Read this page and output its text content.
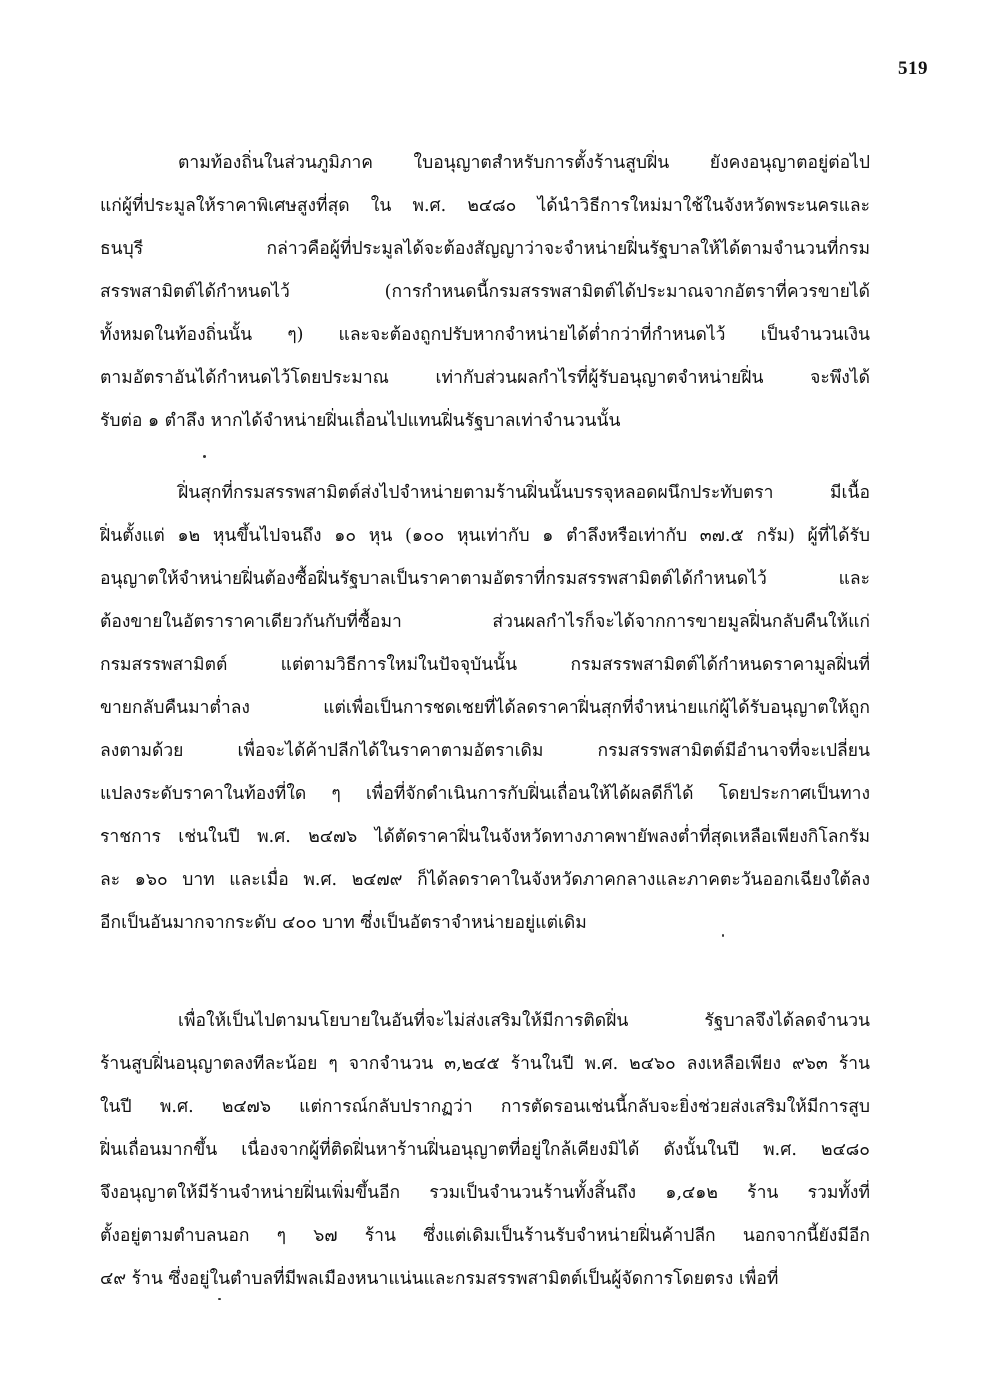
519
ตามท้องถิ่นในส่วนภูมิภาค ใบอนุญาตสำหรับการตั้งร้านสูบฝิ่น ยังคงอนุญาตอยู่ต่อไป
แก่ผู้ที่ประมูลให้ราคาพิเศษสูงที่สุด ใน พ.ศ. ๒๔๘๐ ได้นำวิธีการใหม่มาใช้ในจังหวัดพระนครและ
ธนบุรี กล่าวคือผู้ที่ประมูลได้จะต้องสัญญาว่าจะจำหน่ายฝิ่นรัฐบาลให้ได้ตามจำนวนที่กรม
สรรพสามิตต์ได้กำหนดไว้ (การกำหนดนี้กรมสรรพสามิตต์ได้ประมาณจากอัตราที่ควรขายได้
ทั้งหมดในท้องถิ่นนั้น ๆ) และจะต้องถูกปรับหากจำหน่ายได้ต่ำกว่าที่กำหนดไว้ เป็นจำนวนเงิน
ตามอัตราอันได้กำหนดไว้โดยประมาณ เท่ากับส่วนผลกำไรที่ผู้รับอนุญาตจำหน่ายฝิ่น จะพึงได้
รับต่อ ๑ ตำลึง หากได้จำหน่ายฝิ่นเถื่อนไปแทนฝิ่นรัฐบาลเท่าจำนวนนั้น
ฝิ่นสุกที่กรมสรรพสามิตต์ส่งไปจำหน่ายตามร้านฝิ่นนั้นบรรจุหลอดผนึกประทับตรา มีเนื้อ
ฝิ่นตั้งแต่ ๑๒ หุนขึ้นไปจนถึง ๑๐ หุน (๑๐๐ หุนเท่ากับ ๑ ตำลึงหรือเท่ากับ ๓๗.๕ กรัม) ผู้ที่ได้รับ
อนุญาตให้จำหน่ายฝิ่นต้องซื้อฝิ่นรัฐบาลเป็นราคาตามอัตราที่กรมสรรพสามิตต์ได้กำหนดไว้ และ
ต้องขายในอัตราราคาเดียวกันกับที่ซื้อมา ส่วนผลกำไรก็จะได้จากการขายมูลฝิ่นกลับคืนให้แก่
กรมสรรพสามิตต์ แต่ตามวิธีการใหม่ในปัจจุบันนั้น กรมสรรพสามิตต์ได้กำหนดราคามูลฝิ่นที่
ขายกลับคืนมาต่ำลง แต่เพื่อเป็นการชดเชยที่ได้ลดราคาฝิ่นสุกที่จำหน่ายแก่ผู้ได้รับอนุญาตให้ถูก
ลงตามด้วย เพื่อจะได้ค้าปลีกได้ในราคาตามอัตราเดิม กรมสรรพสามิตต์มีอำนาจที่จะเปลี่ยน
แปลงระดับราคาในท้องที่ใด ๆ เพื่อที่จักดำเนินการกับฝิ่นเถื่อนให้ได้ผลดีก็ได้ โดยประกาศเป็นทาง
ราชการ เช่นในปี พ.ศ. ๒๔๗๖ ได้ตัดราคาฝิ่นในจังหวัดทางภาคพายัพลงต่ำที่สุดเหลือเพียงกิโลกรัม
ละ ๑๖๐ บาท และเมื่อ พ.ศ. ๒๔๗๙ ก็ได้ลดราคาในจังหวัดภาคกลางและภาคตะวันออกเฉียงใต้ลง
อีกเป็นอันมากจากระดับ ๔๐๐ บาท ซึ่งเป็นอัตราจำหน่ายอยู่แต่เดิม
เพื่อให้เป็นไปตามนโยบายในอันที่จะไม่ส่งเสริมให้มีการติดฝิ่น รัฐบาลจึงได้ลดจำนวน
ร้านสูบฝิ่นอนุญาตลงทีละน้อย ๆ จากจำนวน ๓,๒๔๕ ร้านในปี พ.ศ. ๒๔๖๐ ลงเหลือเพียง ๙๖๓ ร้าน
ในปี พ.ศ. ๒๔๗๖ แต่การณ์กลับปรากฏว่า การตัดรอนเช่นนี้กลับจะยิ่งช่วยส่งเสริมให้มีการสูบ
ฝิ่นเถื่อนมากขึ้น เนื่องจากผู้ที่ติดฝิ่นหาร้านฝิ่นอนุญาตที่อยู่ใกล้เคียงมิได้ ดังนั้นในปี พ.ศ. ๒๔๘๐
จึงอนุญาตให้มีร้านจำหน่ายฝิ่นเพิ่มขึ้นอีก รวมเป็นจำนวนร้านทั้งสิ้นถึง ๑,๔๑๒ ร้าน รวมทั้งที่
ตั้งอยู่ตามตำบลนอก ๆ ๖๗ ร้าน ซึ่งแต่เดิมเป็นร้านรับจำหน่ายฝิ่นค้าปลีก นอกจากนี้ยังมีอีก
๔๙ ร้าน ซึ่งอยู่ในตำบลที่มีพลเมืองหนาแน่นและกรมสรรพสามิตต์เป็นผู้จัดการโดยตรง เพื่อที่
